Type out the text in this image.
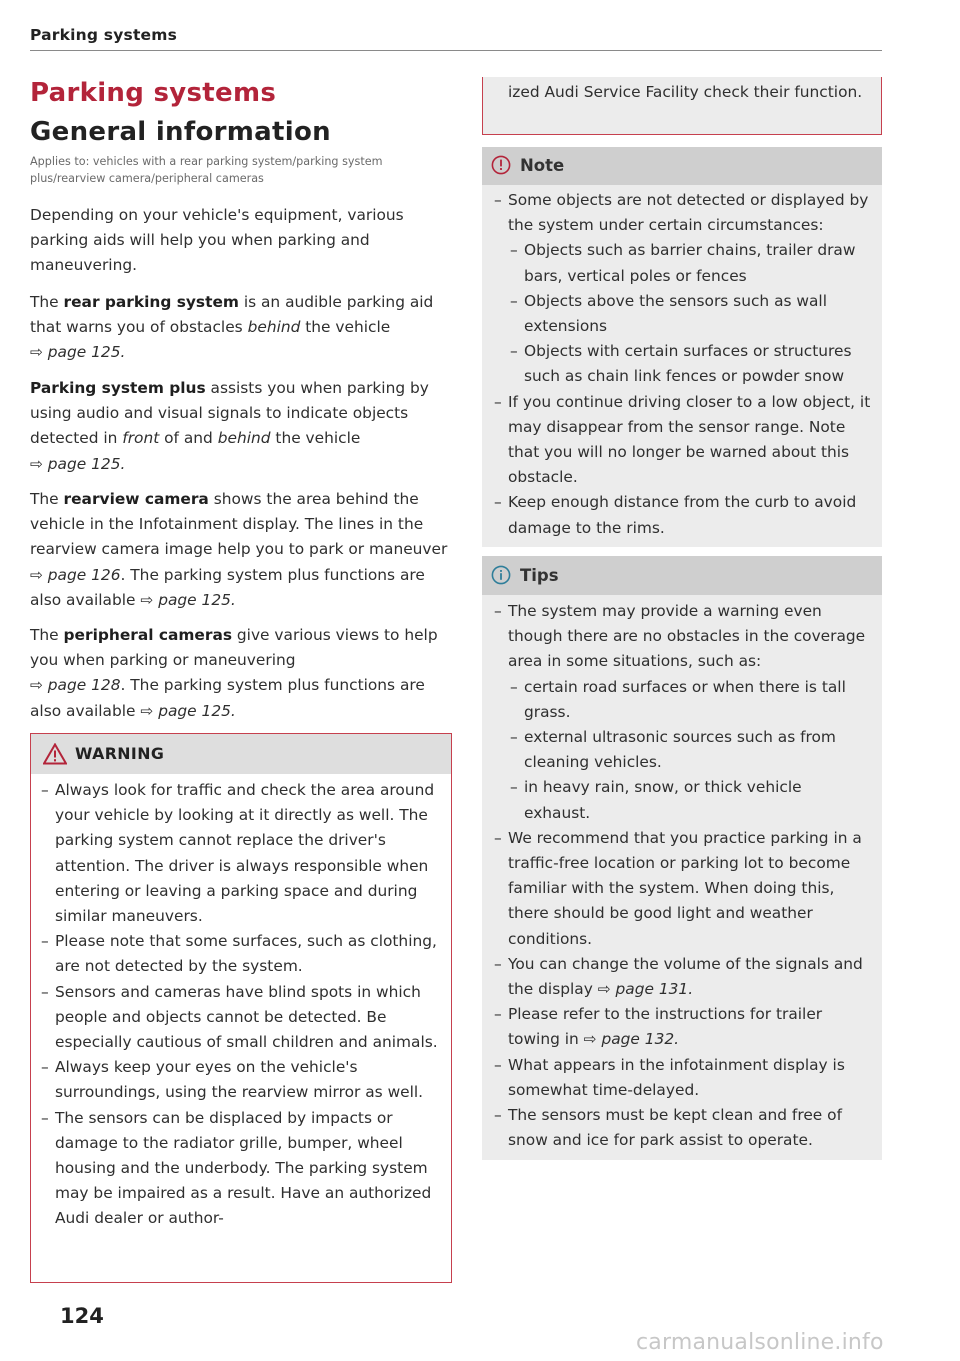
Parking systems
Parking systems
General information
Applies to: vehicles with a rear parking system/parking system plus/rearview camera/peripheral cameras
Depending on your vehicle's equipment, various parking aids will help you when parking and maneuvering.
The rear parking system is an audible parking aid that warns you of obstacles behind the vehicle
⇨ page 125.
Parking system plus assists you when parking by using audio and visual signals to indicate objects detected in front of and behind the vehicle
⇨ page 125.
The rearview camera shows the area behind the vehicle in the Infotainment display. The lines in the rearview camera image help you to park or maneuver ⇨ page 126. The parking system plus functions are also available ⇨ page 125.
The peripheral cameras give various views to help you when parking or maneuvering
⇨ page 128. The parking system plus functions are also available ⇨ page 125.
WARNING
– Always look for traffic and check the area around your vehicle by looking at it directly as well. The parking system cannot replace the driver's attention. The driver is always responsible when entering or leaving a parking space and during similar maneuvers.
– Please note that some surfaces, such as clothing, are not detected by the system.
– Sensors and cameras have blind spots in which people and objects cannot be detected. Be especially cautious of small children and animals.
– Always keep your eyes on the vehicle's surroundings, using the rearview mirror as well.
– The sensors can be displaced by impacts or damage to the radiator grille, bumper, wheel housing and the underbody. The parking system may be impaired as a result. Have an authorized Audi dealer or author-
124
ized Audi Service Facility check their function.
Note
– Some objects are not detected or displayed by the system under certain circumstances:
– Objects such as barrier chains, trailer draw bars, vertical poles or fences
– Objects above the sensors such as wall extensions
– Objects with certain surfaces or structures such as chain link fences or powder snow
– If you continue driving closer to a low object, it may disappear from the sensor range. Note that you will no longer be warned about this obstacle.
– Keep enough distance from the curb to avoid damage to the rims.
Tips
– The system may provide a warning even though there are no obstacles in the coverage area in some situations, such as:
– certain road surfaces or when there is tall grass.
– external ultrasonic sources such as from cleaning vehicles.
– in heavy rain, snow, or thick vehicle exhaust.
– We recommend that you practice parking in a traffic-free location or parking lot to become familiar with the system. When doing this, there should be good light and weather conditions.
– You can change the volume of the signals and the display ⇨ page 131.
– Please refer to the instructions for trailer towing in ⇨ page 132.
– What appears in the infotainment display is somewhat time-delayed.
– The sensors must be kept clean and free of snow and ice for park assist to operate.
carmanualsonline.info
